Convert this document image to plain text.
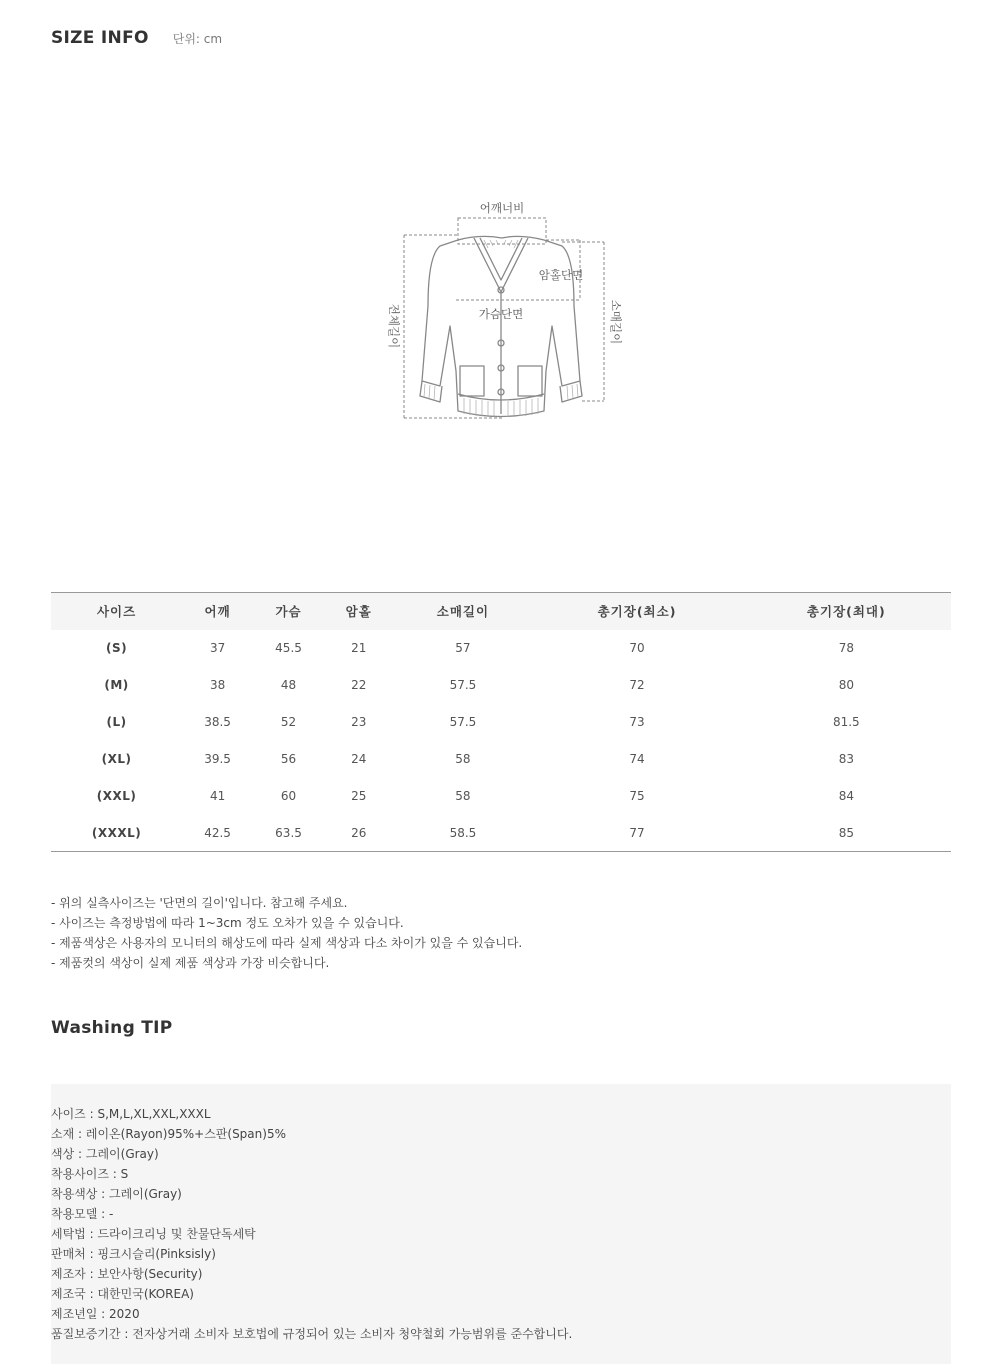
SIZE INFO 단위: cm
어깨너비
암홀단면
가슴단면
전체길이	소매길이
사이즈	어깨	가슴	암홀	소매길이	총기장(최소)	총기장(최대)
(S)	37	45.5	21	57	70	78
(M)	38	48	22	57.5	72	80
(L)	38.5	52	23	57.5	73	81.5
(XL)	39.5	56	24	58	74	83
(XXL)	41	60	25	58	75	84
(XXXL)	42.5	63.5	26	58.5	77	85
- 위의 실측사이즈는 '단면의 길이'입니다. 참고해 주세요.
- 사이즈는 측정방법에 따라 1~3cm 정도 오차가 있을 수 있습니다.
- 제품색상은 사용자의 모니터의 해상도에 따라 실제 색상과 다소 차이가 있을 수 있습니다.
- 제품컷의 색상이 실제 제품 색상과 가장 비슷합니다.
Washing TIP
사이즈 : S,M,L,XL,XXL,XXXL
소재 : 레이온(Rayon)95%+스판(Span)5%
색상 : 그레이(Gray)
착용사이즈 : S
착용색상 : 그레이(Gray)
착용모델 : -
세탁법 : 드라이크리닝 및 찬물단독세탁
판매처 : 핑크시슬리(Pinksisly)
제조자 : 보안사항(Security)
제조국 : 대한민국(KOREA)
제조년일 : 2020
품질보증기간 : 전자상거래 소비자 보호법에 규정되어 있는 소비자 청약철회 가능범위를 준수합니다.
